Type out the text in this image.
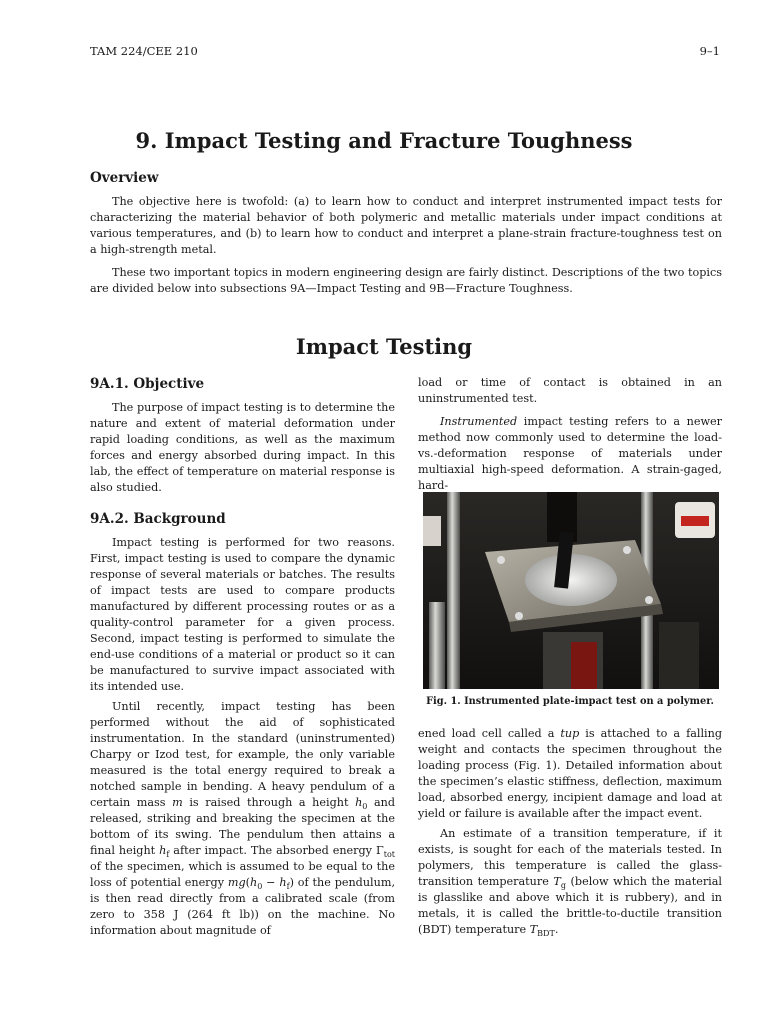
TAM 224/CEE 210	9–1
9. Impact Testing and Fracture Toughness
Overview

The objective here is twofold: (a) to learn how to conduct and interpret instrumented impact tests for characterizing the material behavior of both polymeric and metallic materials under impact conditions at various temperatures, and (b) to learn how to conduct and interpret a plane-strain fracture-toughness test on a high-strength metal.

These two important topics in modern engineering design are fairly distinct. Descriptions of the two topics are divided below into subsections 9A—Impact Testing and 9B—Fracture Toughness.

Impact Testing
9A.1. Objective

The purpose of impact testing is to determine the nature and extent of material deformation under rapid loading conditions, as well as the maximum forces and energy absorbed during impact. In this lab, the effect of temperature on material response is also studied.

9A.2. Background

Impact testing is performed for two reasons. First, impact testing is used to compare the dynamic response of several materials or batches. The results of impact tests are used to compare products manufactured by different processing routes or as a quality-control parameter for a given process. Second, impact testing is performed to simulate the end-use conditions of a material or product so it can be manufactured to survive impact associated with its intended use.

Until recently, impact testing has been performed without the aid of sophisticated instrumentation. In the standard (uninstrumented) Charpy or Izod test, for example, the only variable measured is the total energy required to break a notched sample in bending. A heavy pendulum of a certain mass m is raised through a height $h_0$ and released, striking and breaking the specimen at the bottom of its swing. The pendulum then attains a final height $h_f$ after impact. The absorbed energy $\Gamma_{tot}$ of the specimen, which is assumed to be equal to the loss of potential energy $mg(h_0 - h_f)$ of the pendulum, is then read directly from a calibrated scale (from zero to 358 J (264 ft lb)) on the machine. No information about magnitude of

load or time of contact is obtained in an uninstrumented test.

Instrumented impact testing refers to a newer method now commonly used to determine the load-vs.-deformation response of materials under multiaxial high-speed deformation. A strain-gaged, hard-

Fig. 1. Instrumented plate-impact test on a polymer.

ened load cell called a tup is attached to a falling weight and contacts the specimen throughout the loading process (Fig. 1). Detailed information about the specimen’s elastic stiffness, deflection, maximum load, absorbed energy, incipient damage and load at yield or failure is available after the impact event.

An estimate of a transition temperature, if it exists, is sought for each of the materials tested. In polymers, this temperature is called the glass-transition temperature $T_g$ (below which the material is glasslike and above which it is rubbery), and in metals, it is called the brittle-to-ductile transition (BDT) temperature $T_{BDT}$.
